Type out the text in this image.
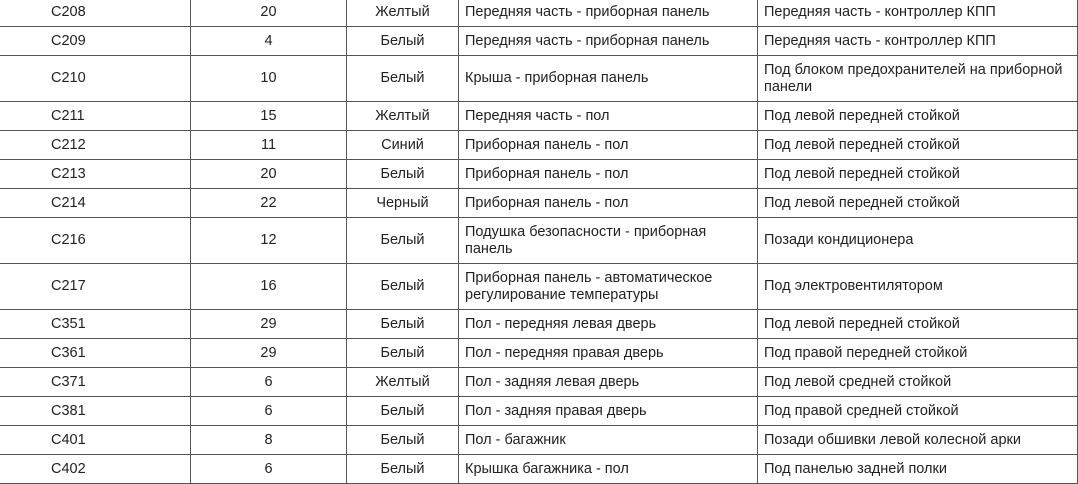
C208	20	Желтый	Передняя часть - приборная панель	Передняя часть - контроллер КПП
C209	4	Белый	Передняя часть - приборная панель	Передняя часть - контроллер КПП
C210	10	Белый	Крыша - приборная панель	Под блоком предохранителей на приборной панели
C211	15	Желтый	Передняя часть - пол	Под левой передней стойкой
C212	11	Синий	Приборная панель - пол	Под левой передней стойкой
C213	20	Белый	Приборная панель - пол	Под левой передней стойкой
C214	22	Черный	Приборная панель - пол	Под левой передней стойкой
C216	12	Белый	Подушка безопасности - приборная панель	Позади кондиционера
C217	16	Белый	Приборная панель - автоматическое регулирование температуры	Под электровентилятором
C351	29	Белый	Пол - передняя левая дверь	Под левой передней стойкой
C361	29	Белый	Пол - передняя правая дверь	Под правой передней стойкой
C371	6	Желтый	Пол - задняя левая дверь	Под левой средней стойкой
C381	6	Белый	Пол - задняя правая дверь	Под правой средней стойкой
C401	8	Белый	Пол - багажник	Позади обшивки левой колесной арки
C402	6	Белый	Крышка багажника - пол	Под панелью задней полки
